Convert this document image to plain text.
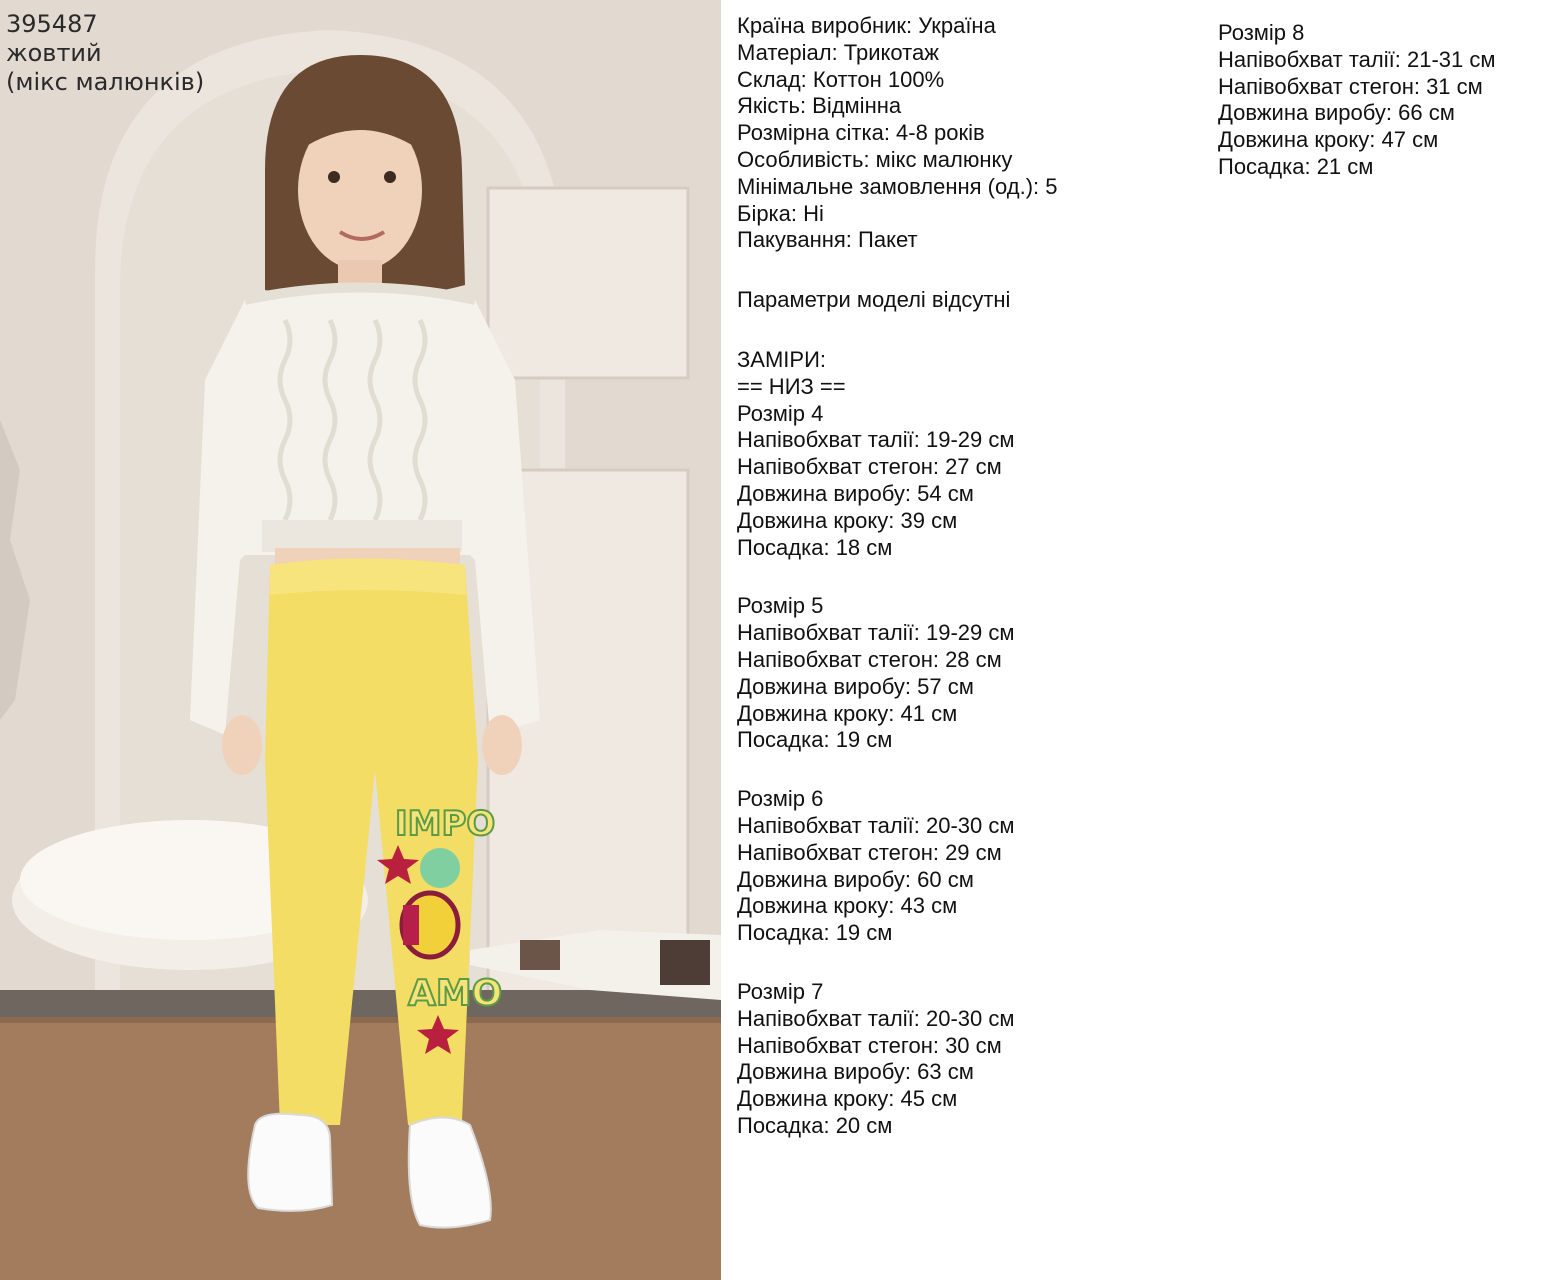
IMPO
AMO
395487
жовтий
(мікс малюнків)
Країна виробник: Україна
Матеріал: Трикотаж
Склад: Коттон 100%
Якість: Відмінна
Розмірна сітка: 4-8 років
Особливість: мікс малюнку
Мінімальне замовлення (од.): 5
Бірка: Ні
Пакування: Пакет
Параметри моделі відсутні
ЗАМІРИ:
== НИЗ ==
Розмір 4
Напівобхват талії: 19-29 см
Напівобхват стегон: 27 см
Довжина виробу: 54 см
Довжина кроку: 39 см
Посадка: 18 см
Розмір 5
Напівобхват талії: 19-29 см
Напівобхват стегон: 28 см
Довжина виробу: 57 см
Довжина кроку: 41 см
Посадка: 19 см
Розмір 6
Напівобхват талії: 20-30 см
Напівобхват стегон: 29 см
Довжина виробу: 60 см
Довжина кроку: 43 см
Посадка: 19 см
Розмір 7
Напівобхват талії: 20-30 см
Напівобхват стегон: 30 см
Довжина виробу: 63 см
Довжина кроку: 45 см
Посадка: 20 см
Розмір 8
Напівобхват талії: 21-31 см
Напівобхват стегон: 31 см
Довжина виробу: 66 см
Довжина кроку: 47 см
Посадка: 21 см
